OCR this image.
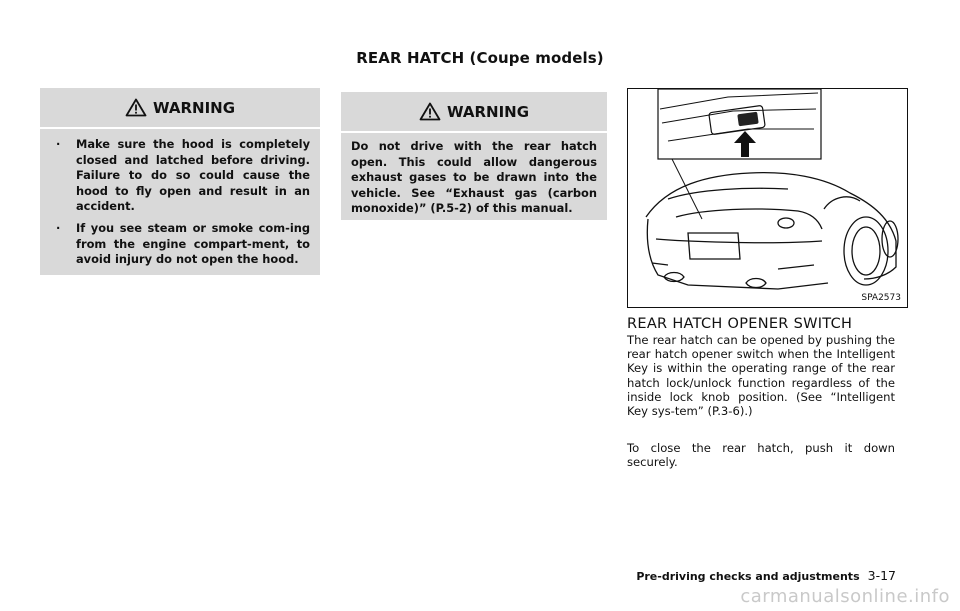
REAR HATCH (Coupe models)
WARNING
. Make sure the hood is completely closed and latched before driving. Failure to do so could cause the hood to fly open and result in an accident.
. If you see steam or smoke com-ing from the engine compart-ment, to avoid injury do not open the hood.
WARNING

Do not drive with the rear hatch open. This could allow dangerous exhaust gases to be drawn into the vehicle. See “Exhaust gas (carbon monoxide)” (P.5-2) of this manual.

SPA2573
REAR HATCH OPENER SWITCH

The rear hatch can be opened by pushing the rear hatch opener switch when the Intelligent Key is within the operating range of the rear hatch lock/unlock function regardless of the inside lock knob position. (See “Intelligent Key sys-tem” (P.3-6).)

To close the rear hatch, push it down securely.

Pre-driving checks and adjustments 3-17
carmanualsonline.info
